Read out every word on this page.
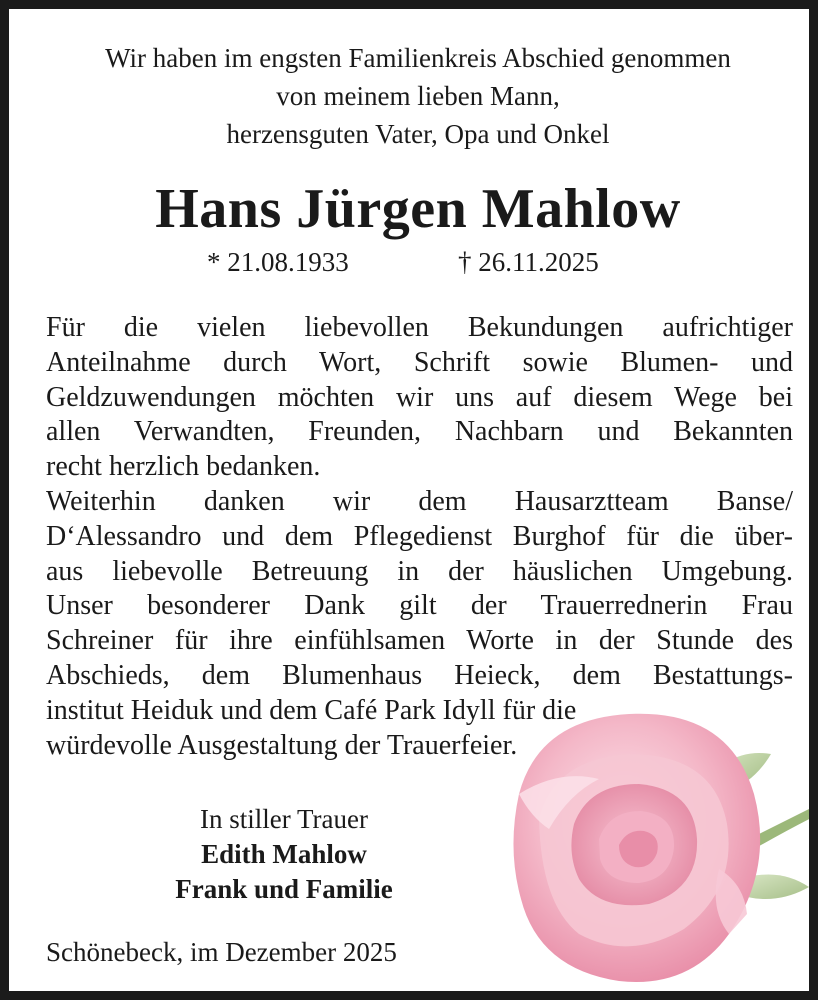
Wir haben im engsten Familienkreis Abschied genommen
von meinem lieben Mann,
herzensguten Vater, Opa und Onkel
Hans Jürgen Mahlow
* 21.08.1933	† 26.11.2025
Für die vielen liebevollen Bekundungen aufrichtiger
Anteilnahme durch Wort, Schrift sowie Blumen- und
Geldzuwendungen möchten wir uns auf diesem Wege bei
allen Verwandten, Freunden, Nachbarn und Bekannten
recht herzlich bedanken.
Weiterhin danken wir dem Hausarztteam Banse/
D‘Alessandro und dem Pflegedienst Burghof für die über-
aus liebevolle Betreuung in der häuslichen Umgebung.
Unser besonderer Dank gilt der Trauerrednerin Frau
Schreiner für ihre einfühlsamen Worte in der Stunde des
Abschieds, dem Blumenhaus Heieck, dem Bestattungs-
institut Heiduk und dem Café Park Idyll für die
würdevolle Ausgestaltung der Trauerfeier.
In stiller Trauer
Edith Mahlow
Frank und Familie
Schönebeck, im Dezember 2025
